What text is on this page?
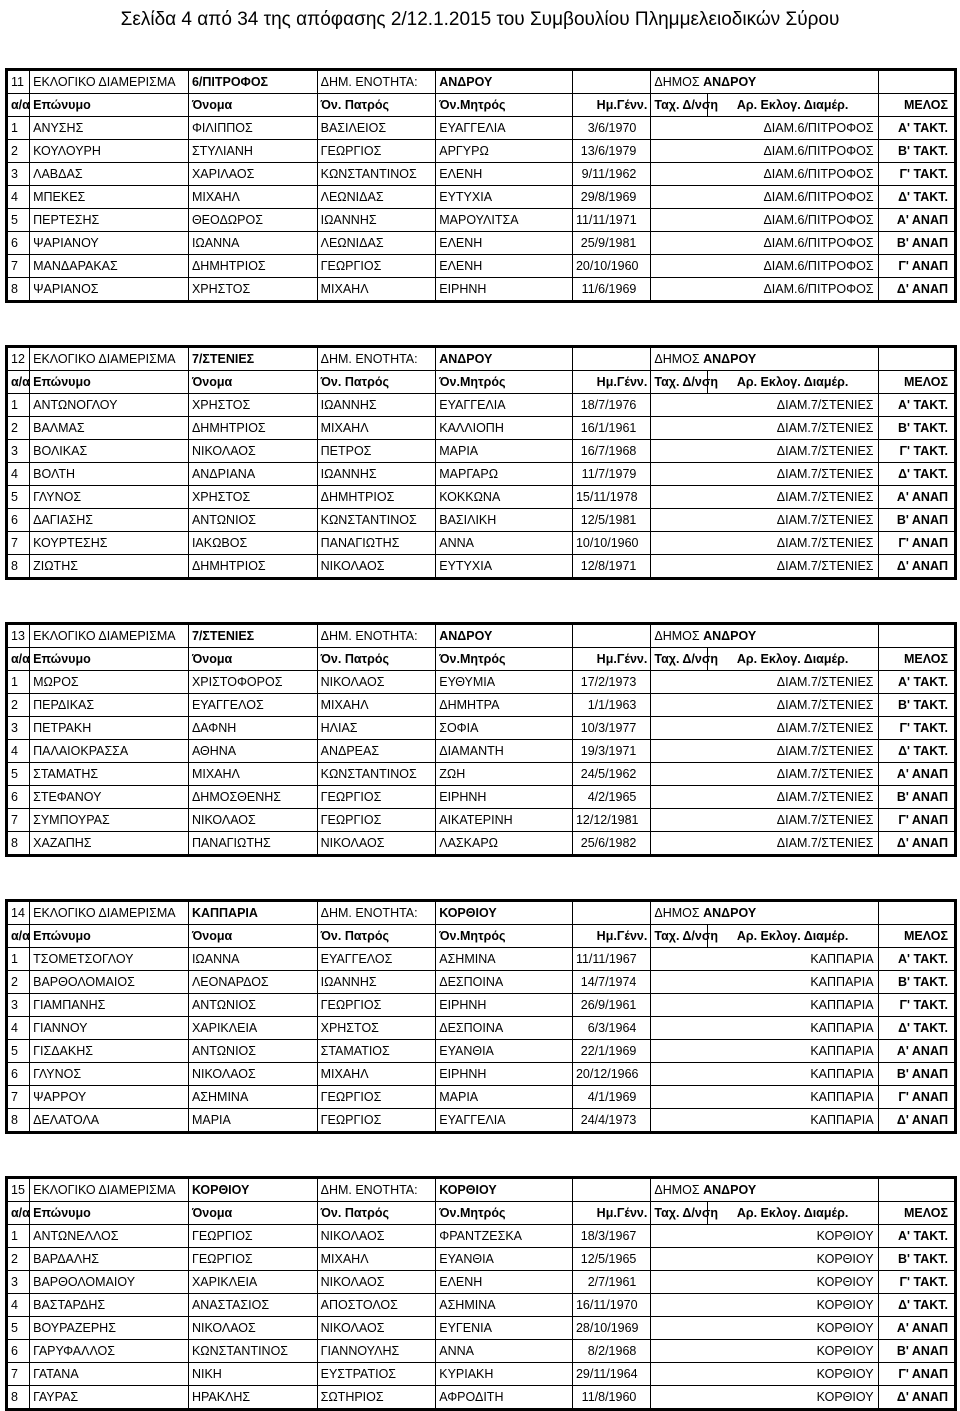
Σελίδα 4 από 34 της απόφασης 2/12.1.2015 του Συμβουλίου Πλημμελειοδικών Σύρου
11	ΕΚΛΟΓΙΚΟ ΔΙΑΜΕΡΙΣΜΑ	6/ΠΙΤΡΟΦΟΣ	ΔΗΜ. ΕΝΟΤΗΤΑ:	ΑΝΔΡΟΥ		ΔΗΜΟΣ ΑΝΔΡΟΥ		
α/α	Επώνυμο	Όνομα	Όν. Πατρός	Όν.Μητρός	Ημ.Γένν.	Ταχ. Δ/νση	Αρ. Εκλογ. Διαμέρ.	ΜΕΛΟΣ
1	ΑΝΥΣΗΣ	ΦΙΛΙΠΠΟΣ	ΒΑΣΙΛΕΙΟΣ	ΕΥΑΓΓΕΛΙΑ	3/6/1970		ΔΙΑΜ.6/ΠΙΤΡΟΦΟΣ	Α' ΤΑΚΤ.
2	ΚΟΥΛΟΥΡΗ	ΣΤΥΛΙΑΝΗ	ΓΕΩΡΓΙΟΣ	ΑΡΓΥΡΩ	13/6/1979		ΔΙΑΜ.6/ΠΙΤΡΟΦΟΣ	Β' ΤΑΚΤ.
3	ΛΑΒΔΑΣ	ΧΑΡΙΛΑΟΣ	ΚΩΝΣΤΑΝΤΙΝΟΣ	ΕΛΕΝΗ	9/11/1962		ΔΙΑΜ.6/ΠΙΤΡΟΦΟΣ	Γ' ΤΑΚΤ.
4	ΜΠΕΚΕΣ	ΜΙΧΑΗΛ	ΛΕΩΝΙΔΑΣ	ΕΥΤΥΧΙΑ	29/8/1969		ΔΙΑΜ.6/ΠΙΤΡΟΦΟΣ	Δ' ΤΑΚΤ.
5	ΠΕΡΤΕΣΗΣ	ΘΕΟΔΩΡΟΣ	ΙΩΑΝΝΗΣ	ΜΑΡΟΥΛΙΤΣΑ	11/11/1971		ΔΙΑΜ.6/ΠΙΤΡΟΦΟΣ	Α' ΑΝΑΠ
6	ΨΑΡΙΑΝΟΥ	ΙΩΑΝΝΑ	ΛΕΩΝΙΔΑΣ	ΕΛΕΝΗ	25/9/1981		ΔΙΑΜ.6/ΠΙΤΡΟΦΟΣ	Β' ΑΝΑΠ
7	ΜΑΝΔΑΡΑΚΑΣ	ΔΗΜΗΤΡΙΟΣ	ΓΕΩΡΓΙΟΣ	ΕΛΕΝΗ	20/10/1960		ΔΙΑΜ.6/ΠΙΤΡΟΦΟΣ	Γ' ΑΝΑΠ
8	ΨΑΡΙΑΝΟΣ	ΧΡΗΣΤΟΣ	ΜΙΧΑΗΛ	ΕΙΡΗΝΗ	11/6/1969		ΔΙΑΜ.6/ΠΙΤΡΟΦΟΣ	Δ' ΑΝΑΠ
12	ΕΚΛΟΓΙΚΟ ΔΙΑΜΕΡΙΣΜΑ	7/ΣΤΕΝΙΕΣ	ΔΗΜ. ΕΝΟΤΗΤΑ:	ΑΝΔΡΟΥ		ΔΗΜΟΣ ΑΝΔΡΟΥ		
α/α	Επώνυμο	Όνομα	Όν. Πατρός	Όν.Μητρός	Ημ.Γένν.	Ταχ. Δ/νση	Αρ. Εκλογ. Διαμέρ.	ΜΕΛΟΣ
1	ΑΝΤΩΝΟΓΛΟΥ	ΧΡΗΣΤΟΣ	ΙΩΑΝΝΗΣ	ΕΥΑΓΓΕΛΙΑ	18/7/1976		ΔΙΑΜ.7/ΣΤΕΝΙΕΣ	Α' ΤΑΚΤ.
2	ΒΑΛΜΑΣ	ΔΗΜΗΤΡΙΟΣ	ΜΙΧΑΗΛ	ΚΑΛΛΙΟΠΗ	16/1/1961		ΔΙΑΜ.7/ΣΤΕΝΙΕΣ	Β' ΤΑΚΤ.
3	ΒΟΛΙΚΑΣ	ΝΙΚΟΛΑΟΣ	ΠΕΤΡΟΣ	ΜΑΡΙΑ	16/7/1968		ΔΙΑΜ.7/ΣΤΕΝΙΕΣ	Γ' ΤΑΚΤ.
4	ΒΟΛΤΗ	ΑΝΔΡΙΑΝΑ	ΙΩΑΝΝΗΣ	ΜΑΡΓΑΡΩ	11/7/1979		ΔΙΑΜ.7/ΣΤΕΝΙΕΣ	Δ' ΤΑΚΤ.
5	ΓΛΥΝΟΣ	ΧΡΗΣΤΟΣ	ΔΗΜΗΤΡΙΟΣ	ΚΟΚΚΩΝΑ	15/11/1978		ΔΙΑΜ.7/ΣΤΕΝΙΕΣ	Α' ΑΝΑΠ
6	ΔΑΓΙΑΣΗΣ	ΑΝΤΩΝΙΟΣ	ΚΩΝΣΤΑΝΤΙΝΟΣ	ΒΑΣΙΛΙΚΗ	12/5/1981		ΔΙΑΜ.7/ΣΤΕΝΙΕΣ	Β' ΑΝΑΠ
7	ΚΟΥΡΤΕΣΗΣ	ΙΑΚΩΒΟΣ	ΠΑΝΑΓΙΩΤΗΣ	ΑΝΝΑ	10/10/1960		ΔΙΑΜ.7/ΣΤΕΝΙΕΣ	Γ' ΑΝΑΠ
8	ΖΙΩΤΗΣ	ΔΗΜΗΤΡΙΟΣ	ΝΙΚΟΛΑΟΣ	ΕΥΤΥΧΙΑ	12/8/1971		ΔΙΑΜ.7/ΣΤΕΝΙΕΣ	Δ' ΑΝΑΠ
13	ΕΚΛΟΓΙΚΟ ΔΙΑΜΕΡΙΣΜΑ	7/ΣΤΕΝΙΕΣ	ΔΗΜ. ΕΝΟΤΗΤΑ:	ΑΝΔΡΟΥ		ΔΗΜΟΣ ΑΝΔΡΟΥ		
α/α	Επώνυμο	Όνομα	Όν. Πατρός	Όν.Μητρός	Ημ.Γένν.	Ταχ. Δ/νση	Αρ. Εκλογ. Διαμέρ.	ΜΕΛΟΣ
1	ΜΩΡΟΣ	ΧΡΙΣΤΟΦΟΡΟΣ	ΝΙΚΟΛΑΟΣ	ΕΥΘΥΜΙΑ	17/2/1973		ΔΙΑΜ.7/ΣΤΕΝΙΕΣ	Α' ΤΑΚΤ.
2	ΠΕΡΔΙΚΑΣ	ΕΥΑΓΓΕΛΟΣ	ΜΙΧΑΗΛ	ΔΗΜΗΤΡΑ	1/1/1963		ΔΙΑΜ.7/ΣΤΕΝΙΕΣ	Β' ΤΑΚΤ.
3	ΠΕΤΡΑΚΗ	ΔΑΦΝΗ	ΗΛΙΑΣ	ΣΟΦΙΑ	10/3/1977		ΔΙΑΜ.7/ΣΤΕΝΙΕΣ	Γ' ΤΑΚΤ.
4	ΠΑΛΑΙΟΚΡΑΣΣΑ	ΑΘΗΝΑ	ΑΝΔΡΕΑΣ	ΔΙΑΜΑΝΤΗ	19/3/1971		ΔΙΑΜ.7/ΣΤΕΝΙΕΣ	Δ' ΤΑΚΤ.
5	ΣΤΑΜΑΤΗΣ	ΜΙΧΑΗΛ	ΚΩΝΣΤΑΝΤΙΝΟΣ	ΖΩΗ	24/5/1962		ΔΙΑΜ.7/ΣΤΕΝΙΕΣ	Α' ΑΝΑΠ
6	ΣΤΕΦΑΝΟΥ	ΔΗΜΟΣΘΕΝΗΣ	ΓΕΩΡΓΙΟΣ	ΕΙΡΗΝΗ	4/2/1965		ΔΙΑΜ.7/ΣΤΕΝΙΕΣ	Β' ΑΝΑΠ
7	ΣΥΜΠΟΥΡΑΣ	ΝΙΚΟΛΑΟΣ	ΓΕΩΡΓΙΟΣ	ΑΙΚΑΤΕΡΙΝΗ	12/12/1981		ΔΙΑΜ.7/ΣΤΕΝΙΕΣ	Γ' ΑΝΑΠ
8	ΧΑΖΑΠΗΣ	ΠΑΝΑΓΙΩΤΗΣ	ΝΙΚΟΛΑΟΣ	ΛΑΣΚΑΡΩ	25/6/1982		ΔΙΑΜ.7/ΣΤΕΝΙΕΣ	Δ' ΑΝΑΠ
14	ΕΚΛΟΓΙΚΟ ΔΙΑΜΕΡΙΣΜΑ	ΚΑΠΠΑΡΙΑ	ΔΗΜ. ΕΝΟΤΗΤΑ:	ΚΟΡΘΙΟΥ		ΔΗΜΟΣ ΑΝΔΡΟΥ		
α/α	Επώνυμο	Όνομα	Όν. Πατρός	Όν.Μητρός	Ημ.Γένν.	Ταχ. Δ/νση	Αρ. Εκλογ. Διαμέρ.	ΜΕΛΟΣ
1	ΤΣΟΜΕΤΣΟΓΛΟΥ	ΙΩΑΝΝΑ	ΕΥΑΓΓΕΛΟΣ	ΑΣΗΜΙΝΑ	11/11/1967		ΚΑΠΠΑΡΙΑ	Α' ΤΑΚΤ.
2	ΒΑΡΘΟΛΟΜΑΙΟΣ	ΛΕΟΝΑΡΔΟΣ	ΙΩΑΝΝΗΣ	ΔΕΣΠΟΙΝΑ	14/7/1974		ΚΑΠΠΑΡΙΑ	Β' ΤΑΚΤ.
3	ΓΙΑΜΠΑΝΗΣ	ΑΝΤΩΝΙΟΣ	ΓΕΩΡΓΙΟΣ	ΕΙΡΗΝΗ	26/9/1961		ΚΑΠΠΑΡΙΑ	Γ' ΤΑΚΤ.
4	ΓΙΑΝΝΟΥ	ΧΑΡΙΚΛΕΙΑ	ΧΡΗΣΤΟΣ	ΔΕΣΠΟΙΝΑ	6/3/1964		ΚΑΠΠΑΡΙΑ	Δ' ΤΑΚΤ.
5	ΓΙΣΔΑΚΗΣ	ΑΝΤΩΝΙΟΣ	ΣΤΑΜΑΤΙΟΣ	ΕΥΑΝΘΙΑ	22/1/1969		ΚΑΠΠΑΡΙΑ	Α' ΑΝΑΠ
6	ΓΛΥΝΟΣ	ΝΙΚΟΛΑΟΣ	ΜΙΧΑΗΛ	ΕΙΡΗΝΗ	20/12/1966		ΚΑΠΠΑΡΙΑ	Β' ΑΝΑΠ
7	ΨΑΡΡΟΥ	ΑΣΗΜΙΝΑ	ΓΕΩΡΓΙΟΣ	ΜΑΡΙΑ	4/1/1969		ΚΑΠΠΑΡΙΑ	Γ' ΑΝΑΠ
8	ΔΕΛΑΤΟΛΑ	ΜΑΡΙΑ	ΓΕΩΡΓΙΟΣ	ΕΥΑΓΓΕΛΙΑ	24/4/1973		ΚΑΠΠΑΡΙΑ	Δ' ΑΝΑΠ
15	ΕΚΛΟΓΙΚΟ ΔΙΑΜΕΡΙΣΜΑ	ΚΟΡΘΙΟΥ	ΔΗΜ. ΕΝΟΤΗΤΑ:	ΚΟΡΘΙΟΥ		ΔΗΜΟΣ ΑΝΔΡΟΥ		
α/α	Επώνυμο	Όνομα	Όν. Πατρός	Όν.Μητρός	Ημ.Γένν.	Ταχ. Δ/νση	Αρ. Εκλογ. Διαμέρ.	ΜΕΛΟΣ
1	ΑΝΤΩΝΕΛΛΟΣ	ΓΕΩΡΓΙΟΣ	ΝΙΚΟΛΑΟΣ	ΦΡΑΝΤΖΕΣΚΑ	18/3/1967		ΚΟΡΘΙΟΥ	Α' ΤΑΚΤ.
2	ΒΑΡΔΑΛΗΣ	ΓΕΩΡΓΙΟΣ	ΜΙΧΑΗΛ	ΕΥΑΝΘΙΑ	12/5/1965		ΚΟΡΘΙΟΥ	Β' ΤΑΚΤ.
3	ΒΑΡΘΟΛΟΜΑΙΟΥ	ΧΑΡΙΚΛΕΙΑ	ΝΙΚΟΛΑΟΣ	ΕΛΕΝΗ	2/7/1961		ΚΟΡΘΙΟΥ	Γ' ΤΑΚΤ.
4	ΒΑΣΤΑΡΔΗΣ	ΑΝΑΣΤΑΣΙΟΣ	ΑΠΟΣΤΟΛΟΣ	ΑΣΗΜΙΝΑ	16/11/1970		ΚΟΡΘΙΟΥ	Δ' ΤΑΚΤ.
5	ΒΟΥΡΑΖΕΡΗΣ	ΝΙΚΟΛΑΟΣ	ΝΙΚΟΛΑΟΣ	ΕΥΓΕΝΙΑ	28/10/1969		ΚΟΡΘΙΟΥ	Α' ΑΝΑΠ
6	ΓΑΡΥΦΑΛΛΟΣ	ΚΩΝΣΤΑΝΤΙΝΟΣ	ΓΙΑΝΝΟΥΛΗΣ	ΑΝΝΑ	8/2/1968		ΚΟΡΘΙΟΥ	Β' ΑΝΑΠ
7	ΓΑΤΑΝΑ	ΝΙΚΗ	ΕΥΣΤΡΑΤΙΟΣ	ΚΥΡΙΑΚΗ	29/11/1964		ΚΟΡΘΙΟΥ	Γ' ΑΝΑΠ
8	ΓΑΥΡΑΣ	ΗΡΑΚΛΗΣ	ΣΩΤΗΡΙΟΣ	ΑΦΡΟΔΙΤΗ	11/8/1960		ΚΟΡΘΙΟΥ	Δ' ΑΝΑΠ
